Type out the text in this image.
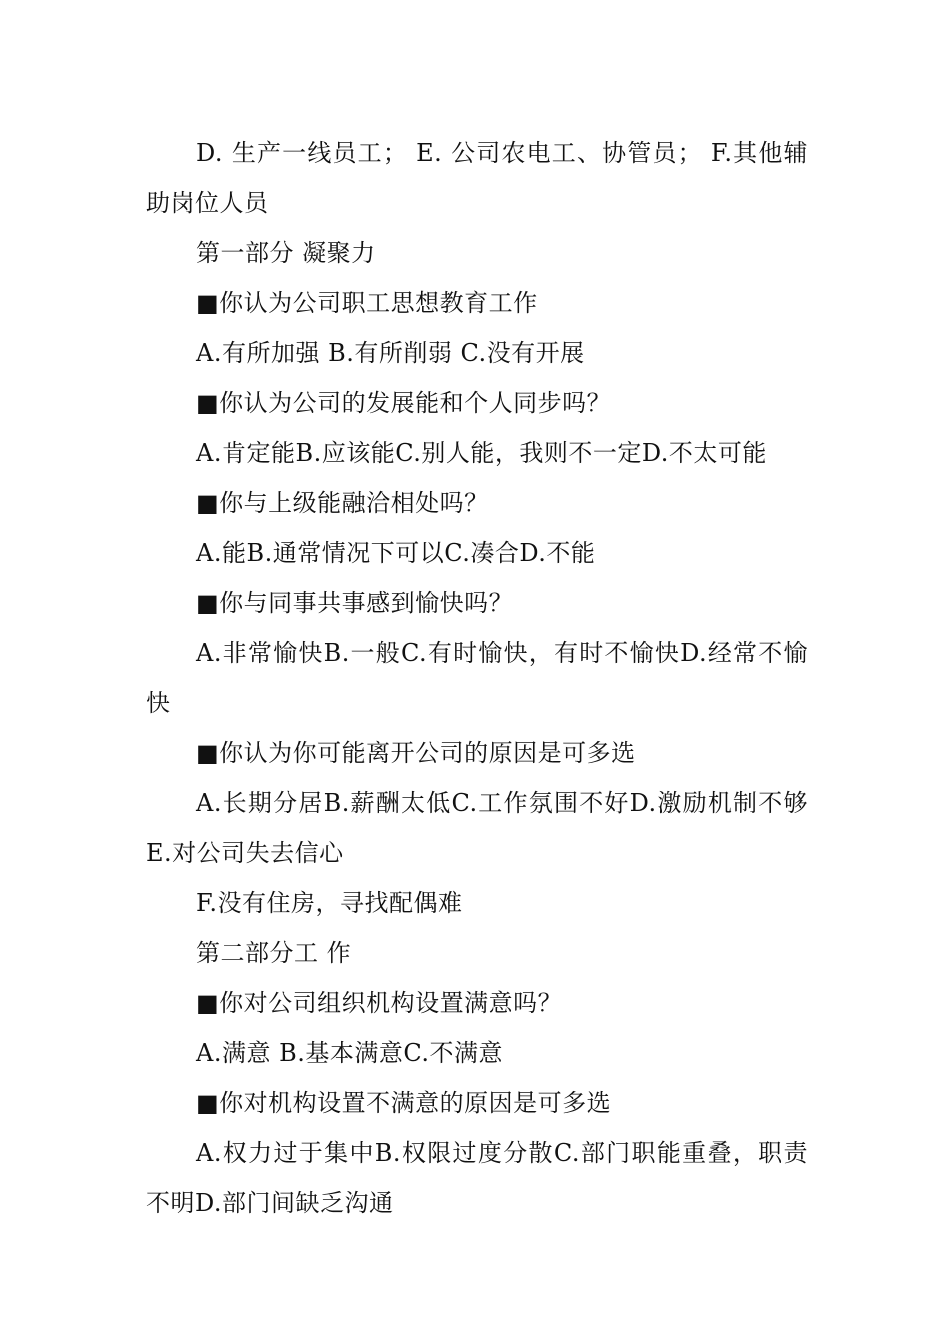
D. 生产一线员工； E. 公司农电工、协管员； F.其他辅助岗位人员

第一部分 凝聚力

■你认为公司职工思想教育工作

A.有所加强 B.有所削弱 C.没有开展

■你认为公司的发展能和个人同步吗？

A.肯定能B.应该能C.别人能，我则不一定D.不太可能

■你与上级能融洽相处吗？

A.能B.通常情况下可以C.凑合D.不能

■你与同事共事感到愉快吗？

A.非常愉快B.一般C.有时愉快，有时不愉快D.经常不愉快

■你认为你可能离开公司的原因是可多选

A.长期分居B.薪酬太低C.工作氛围不好D.激励机制不够 E.对公司失去信心

F.没有住房，寻找配偶难

第二部分工 作

■你对公司组织机构设置满意吗？

A.满意 B.基本满意C.不满意

■你对机构设置不满意的原因是可多选

A.权力过于集中B.权限过度分散C.部门职能重叠，职责不明D.部门间缺乏沟通
